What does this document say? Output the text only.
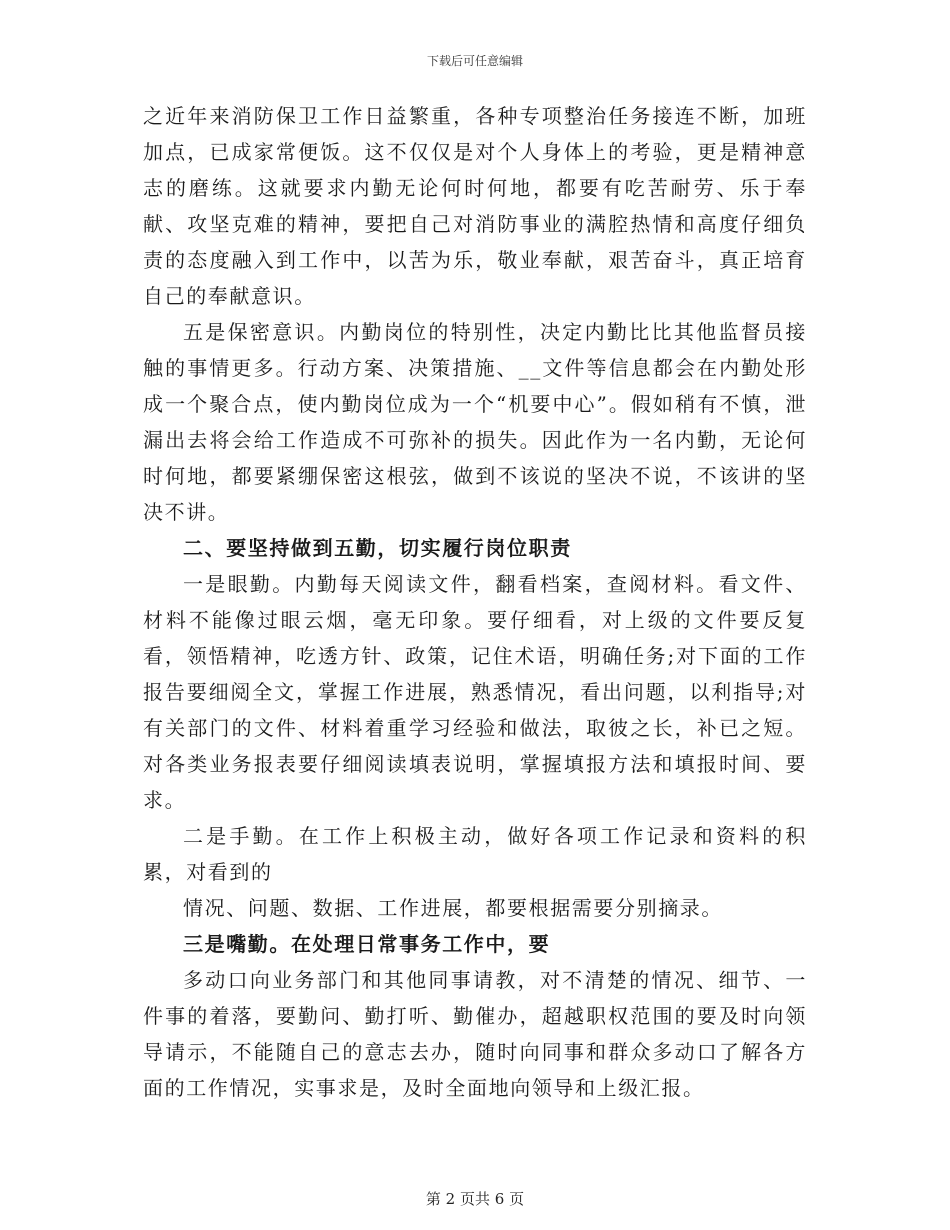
下载后可任意编辑

之近年来消防保卫工作日益繁重，各种专项整治任务接连不断，加班加点，已成家常便饭。这不仅仅是对个人身体上的考验，更是精神意志的磨练。这就要求内勤无论何时何地，都要有吃苦耐劳、乐于奉献、攻坚克难的精神，要把自己对消防事业的满腔热情和高度仔细负责的态度融入到工作中，以苦为乐，敬业奉献，艰苦奋斗，真正培育自己的奉献意识。

五是保密意识。内勤岗位的特别性，决定内勤比比其他监督员接触的事情更多。行动方案、决策措施、__文件等信息都会在内勤处形成一个聚合点，使内勤岗位成为一个“机要中心”。假如稍有不慎，泄漏出去将会给工作造成不可弥补的损失。因此作为一名内勤，无论何时何地，都要紧绷保密这根弦，做到不该说的坚决不说，不该讲的坚决不讲。

二、要坚持做到五勤，切实履行岗位职责

一是眼勤。内勤每天阅读文件，翻看档案，查阅材料。看文件、材料不能像过眼云烟，毫无印象。要仔细看，对上级的文件要反复看，领悟精神，吃透方针、政策，记住术语，明确任务;对下面的工作报告要细阅全文，掌握工作进展，熟悉情况，看出问题，以利指导;对有关部门的文件、材料着重学习经验和做法，取彼之长，补已之短。对各类业务报表要仔细阅读填表说明，掌握填报方法和填报时间、要求。

二是手勤。在工作上积极主动，做好各项工作记录和资料的积累，对看到的

情况、问题、数据、工作进展，都要根据需要分别摘录。

三是嘴勤。在处理日常事务工作中，要

多动口向业务部门和其他同事请教，对不清楚的情况、细节、一件事的着落，要勤问、勤打听、勤催办，超越职权范围的要及时向领导请示，不能随自己的意志去办，随时向同事和群众多动口了解各方面的工作情况，实事求是，及时全面地向领导和上级汇报。

第 2 页共 6 页
